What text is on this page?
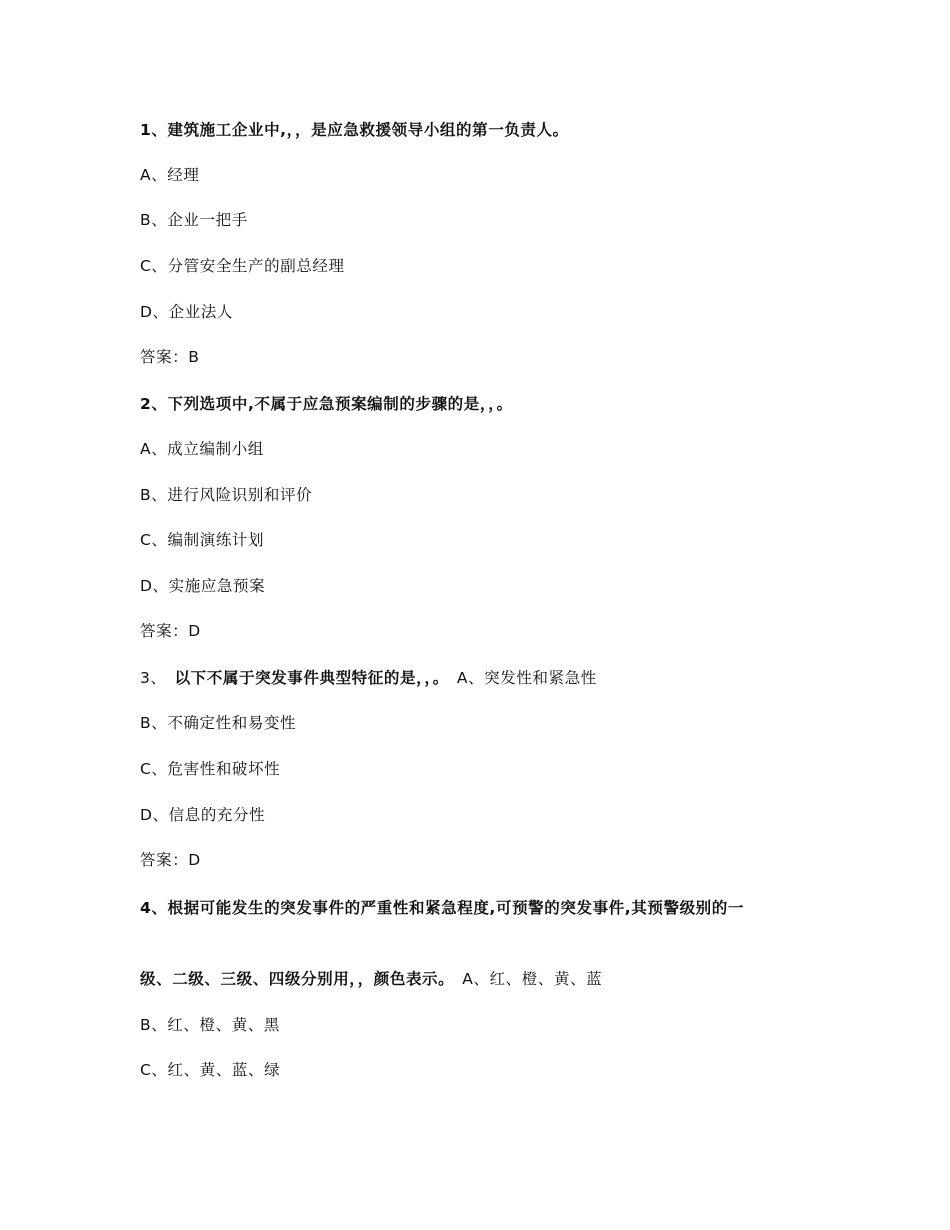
1、建筑施工企业中,，，是应急救援领导小组的第一负责人。
A、经理
B、企业一把手
C、分管安全生产的副总经理
D、企业法人
答案：B
2、下列选项中,不属于应急预案编制的步骤的是，，。
A、成立编制小组
B、进行风险识别和评价
C、编制演练计划
D、实施应急预案
答案：D
3、 以下不属于突发事件典型特征的是，，。 A、突发性和紧急性
B、不确定性和易变性
C、危害性和破坏性
D、信息的充分性
答案：D
4、根据可能发生的突发事件的严重性和紧急程度,可预警的突发事件,其预警级别的一
级、二级、三级、四级分别用，，颜色表示。 A、红、橙、黄、蓝
B、红、橙、黄、黑
C、红、黄、蓝、绿
